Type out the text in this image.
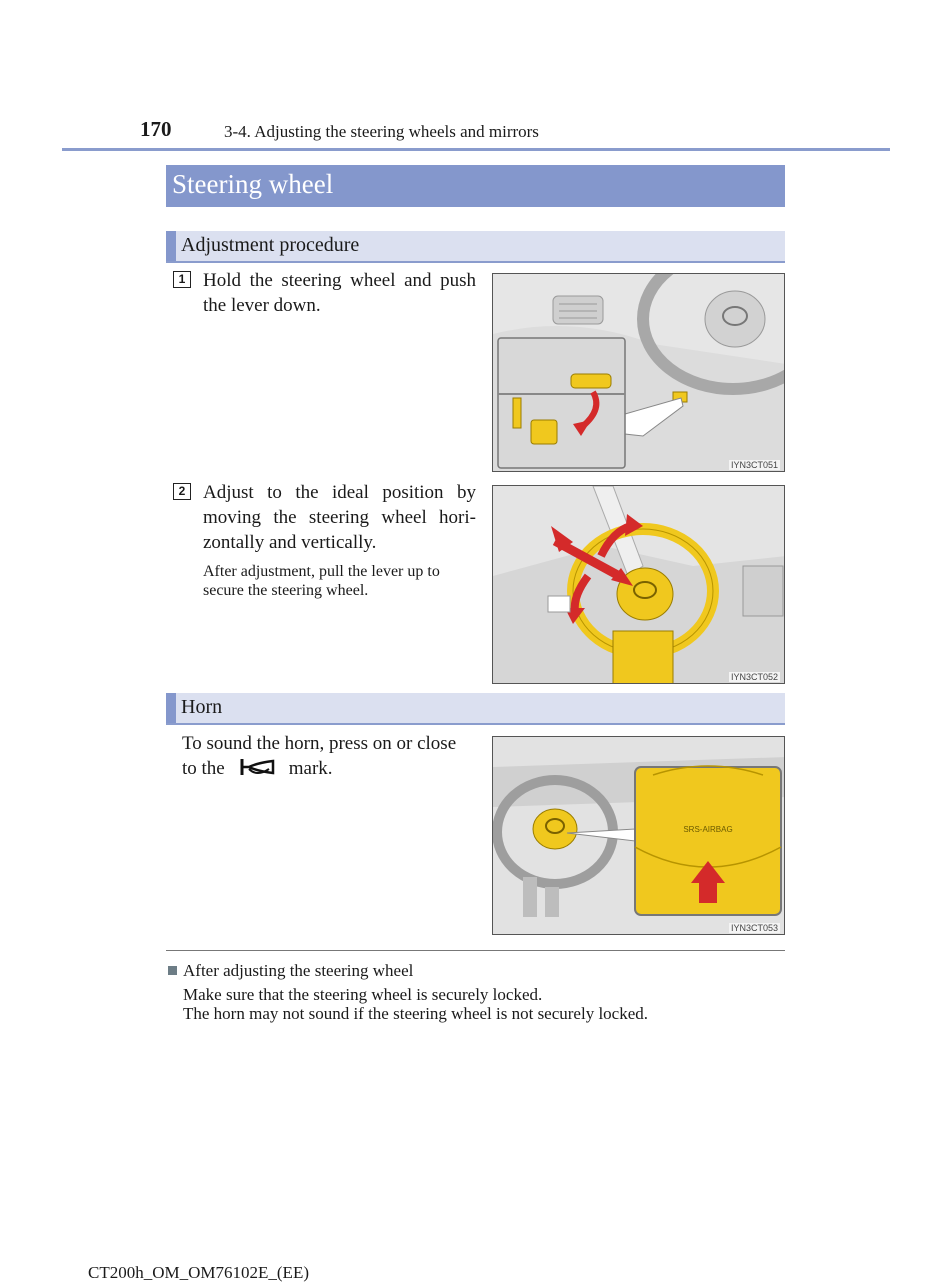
170	3-4. Adjusting the steering wheels and mirrors
Steering wheel
Adjustment procedure
1 Hold the steering wheel and push the lever down.
IYN3CT051
2 Adjust to the ideal position by moving the steering wheel hori-zontally and vertically.
After adjustment, pull the lever up to secure the steering wheel.
IYN3CT052
Horn
To sound the horn, press on or close
to the	mark.
SRS-AIRBAG
IYN3CT053
After adjusting the steering wheel
Make sure that the steering wheel is securely locked.
The horn may not sound if the steering wheel is not securely locked.
CT200h_OM_OM76102E_(EE)
